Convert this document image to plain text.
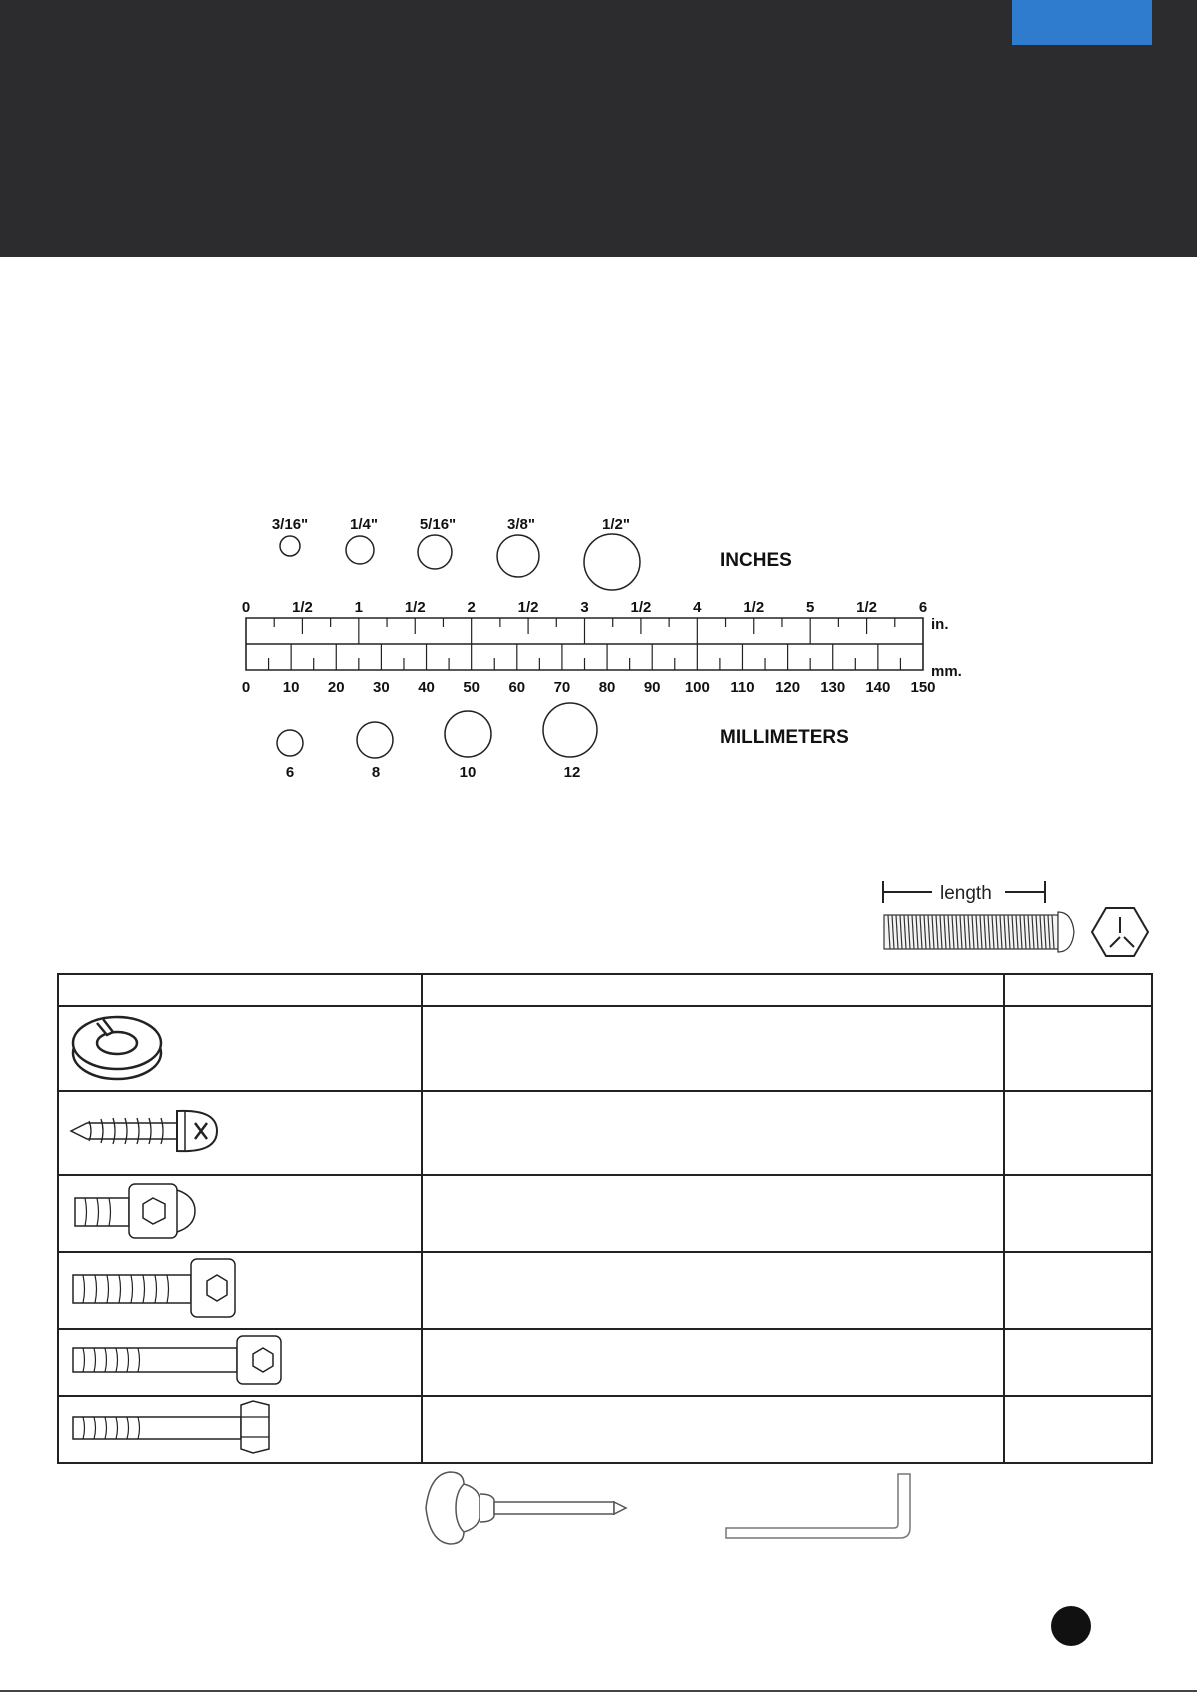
3/16"	1/4"	5/16"	3/8"	1/2"
INCHES
0	1/2	1	1/2	2	1/2	3	1/2	4	1/2	5	1/2	6
0 10 20 30 40 50 60 70 80 90 100 110 120 130 140 150
in.
mm.
6	8	10	12
MILLIMETERS
length
